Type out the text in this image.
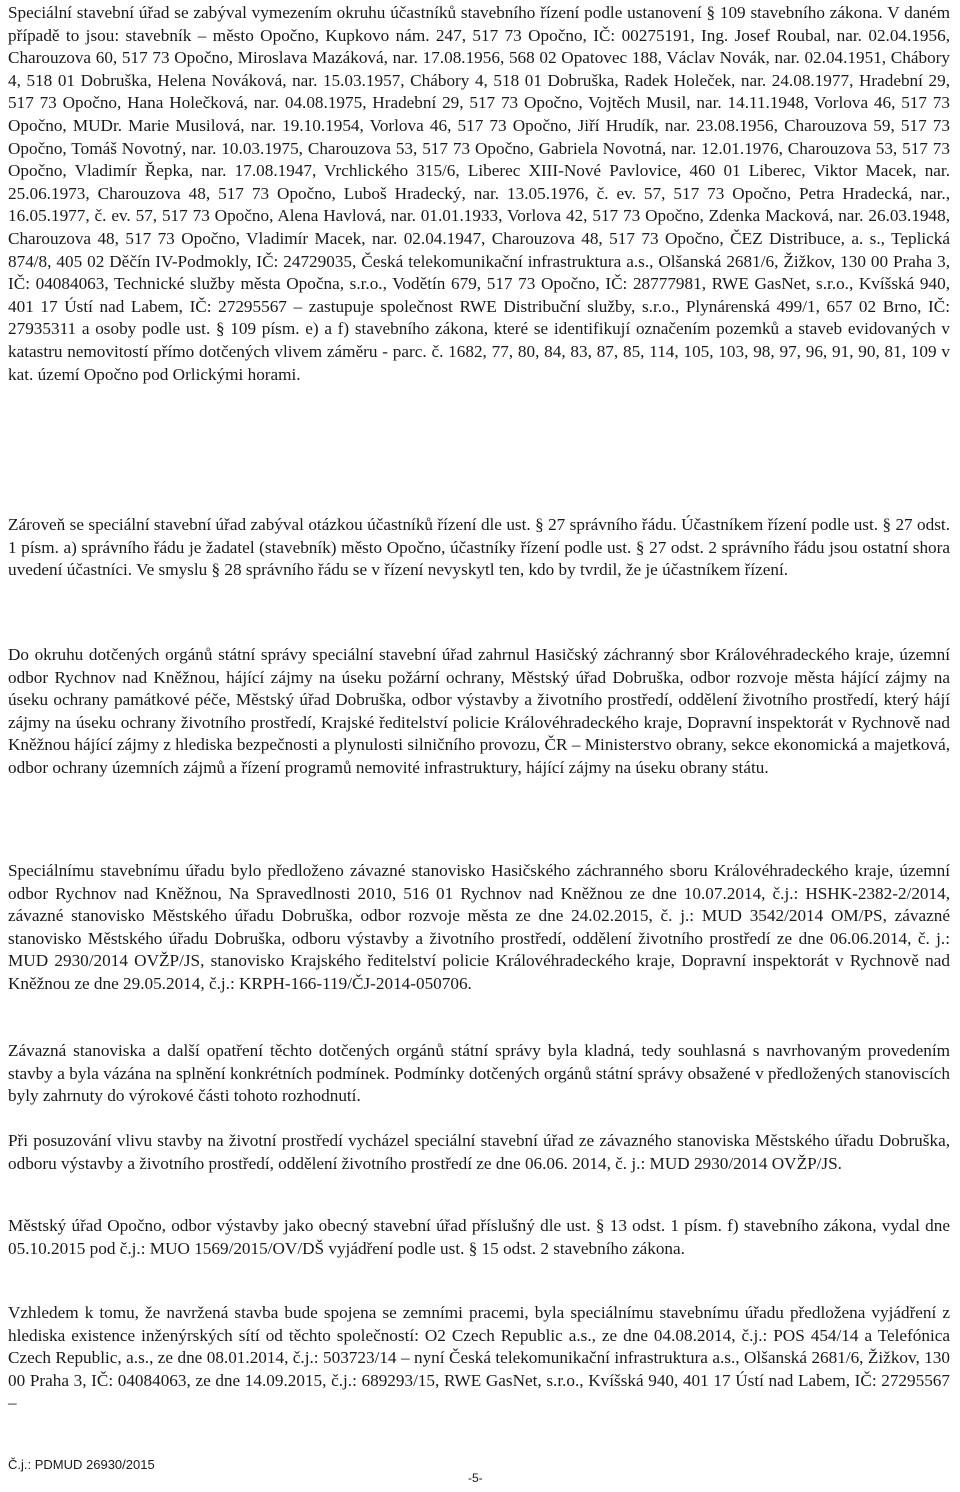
Speciální stavební úřad se zabýval vymezením okruhu účastníků stavebního řízení podle ustanovení § 109 stavebního zákona. V daném případě to jsou: stavebník – město Opočno, Kupkovo nám. 247, 517 73 Opočno, IČ: 00275191, Ing. Josef Roubal, nar. 02.04.1956, Charouzova 60, 517 73 Opočno, Miroslava Mazáková, nar. 17.08.1956, 568 02 Opatovec 188, Václav Novák, nar. 02.04.1951, Chábory 4, 518 01 Dobruška, Helena Nováková, nar. 15.03.1957, Chábory 4, 518 01 Dobruška, Radek Holeček, nar. 24.08.1977, Hradební 29, 517 73 Opočno, Hana Holečková, nar. 04.08.1975, Hradební 29, 517 73 Opočno, Vojtěch Musil, nar. 14.11.1948, Vorlova 46, 517 73 Opočno, MUDr. Marie Musilová, nar. 19.10.1954, Vorlova 46, 517 73 Opočno, Jiří Hrudík, nar. 23.08.1956, Charouzova 59, 517 73 Opočno, Tomáš Novotný, nar. 10.03.1975, Charouzova 53, 517 73 Opočno, Gabriela Novotná, nar. 12.01.1976, Charouzova 53, 517 73 Opočno, Vladimír Řepka, nar. 17.08.1947, Vrchlického 315/6, Liberec XIII-Nové Pavlovice, 460 01 Liberec, Viktor Macek, nar. 25.06.1973, Charouzova 48, 517 73 Opočno, Luboš Hradecký, nar. 13.05.1976, č. ev. 57, 517 73 Opočno, Petra Hradecká, nar., 16.05.1977, č. ev. 57, 517 73 Opočno, Alena Havlová, nar. 01.01.1933, Vorlova 42, 517 73 Opočno, Zdenka Macková, nar. 26.03.1948, Charouzova 48, 517 73 Opočno, Vladimír Macek, nar. 02.04.1947, Charouzova 48, 517 73 Opočno, ČEZ Distribuce, a. s., Teplická 874/8, 405 02 Děčín IV-Podmokly, IČ: 24729035, Česká telekomunikační infrastruktura a.s., Olšanská 2681/6, Žižkov, 130 00 Praha 3, IČ: 04084063, Technické služby města Opočna, s.r.o., Vodětín 679, 517 73 Opočno, IČ: 28777981, RWE GasNet, s.r.o., Kvíšská 940, 401 17 Ústí nad Labem, IČ: 27295567 – zastupuje společnost RWE Distribuční služby, s.r.o., Plynárenská 499/1, 657 02 Brno, IČ: 27935311 a osoby podle ust. § 109 písm. e) a f) stavebního zákona, které se identifikují označením pozemků a staveb evidovaných v katastru nemovitostí přímo dotčených vlivem záměru - parc. č. 1682, 77, 80, 84, 83, 87, 85, 114, 105, 103, 98, 97, 96, 91, 90, 81, 109 v kat. území Opočno pod Orlickými horami.

Zároveň se speciální stavební úřad zabýval otázkou účastníků řízení dle ust. § 27 správního řádu. Účastníkem řízení podle ust. § 27 odst. 1 písm. a) správního řádu je žadatel (stavebník) město Opočno, účastníky řízení podle ust. § 27 odst. 2 správního řádu jsou ostatní shora uvedení účastníci. Ve smyslu § 28 správního řádu se v řízení nevyskytl ten, kdo by tvrdil, že je účastníkem řízení.

Do okruhu dotčených orgánů státní správy speciální stavební úřad zahrnul Hasičský záchranný sbor Královéhradeckého kraje, územní odbor Rychnov nad Kněžnou, hájící zájmy na úseku požární ochrany, Městský úřad Dobruška, odbor rozvoje města hájící zájmy na úseku ochrany památkové péče, Městský úřad Dobruška, odbor výstavby a životního prostředí, oddělení životního prostředí, který hájí zájmy na úseku ochrany životního prostředí, Krajské ředitelství policie Královéhradeckého kraje, Dopravní inspektorát v Rychnově nad Kněžnou hájící zájmy z hlediska bezpečnosti a plynulosti silničního provozu, ČR – Ministerstvo obrany, sekce ekonomická a majetková, odbor ochrany územních zájmů a řízení programů nemovité infrastruktury, hájící zájmy na úseku obrany státu.

Speciálnímu stavebnímu úřadu bylo předloženo závazné stanovisko Hasičského záchranného sboru Královéhradeckého kraje, územní odbor Rychnov nad Kněžnou, Na Spravedlnosti 2010, 516 01 Rychnov nad Kněžnou ze dne 10.07.2014, č.j.: HSHK-2382-2/2014, závazné stanovisko Městského úřadu Dobruška, odbor rozvoje města ze dne 24.02.2015, č. j.: MUD 3542/2014 OM/PS, závazné stanovisko Městského úřadu Dobruška, odboru výstavby a životního prostředí, oddělení životního prostředí ze dne 06.06.2014, č. j.: MUD 2930/2014 OVŽP/JS, stanovisko Krajského ředitelství policie Královéhradeckého kraje, Dopravní inspektorát v Rychnově nad Kněžnou ze dne 29.05.2014, č.j.: KRPH-166-119/ČJ-2014-050706.

Závazná stanoviska a další opatření těchto dotčených orgánů státní správy byla kladná, tedy souhlasná s navrhovaným provedením stavby a byla vázána na splnění konkrétních podmínek. Podmínky dotčených orgánů státní správy obsažené v předložených stanoviscích byly zahrnuty do výrokové části tohoto rozhodnutí.

Při posuzování vlivu stavby na životní prostředí vycházel speciální stavební úřad ze závazného stanoviska Městského úřadu Dobruška, odboru výstavby a životního prostředí, oddělení životního prostředí ze dne 06.06. 2014, č. j.: MUD 2930/2014 OVŽP/JS.

Městský úřad Opočno, odbor výstavby jako obecný stavební úřad příslušný dle ust. § 13 odst. 1 písm. f) stavebního zákona, vydal dne 05.10.2015 pod č.j.: MUO 1569/2015/OV/DŠ vyjádření podle ust. § 15 odst. 2 stavebního zákona.

Vzhledem k tomu, že navržená stavba bude spojena se zemními pracemi, byla speciálnímu stavebnímu úřadu předložena vyjádření z hlediska existence inženýrských sítí od těchto společností: O2 Czech Republic a.s., ze dne 04.08.2014, č.j.: POS 454/14 a Telefónica Czech Republic, a.s., ze dne 08.01.2014, č.j.: 503723/14 – nyní Česká telekomunikační infrastruktura a.s., Olšanská 2681/6, Žižkov, 130 00 Praha 3, IČ: 04084063, ze dne 14.09.2015, č.j.: 689293/15, RWE GasNet, s.r.o., Kvíšská 940, 401 17 Ústí nad Labem, IČ: 27295567 –

Č.j.: PDMUD 26930/2015
-5-
